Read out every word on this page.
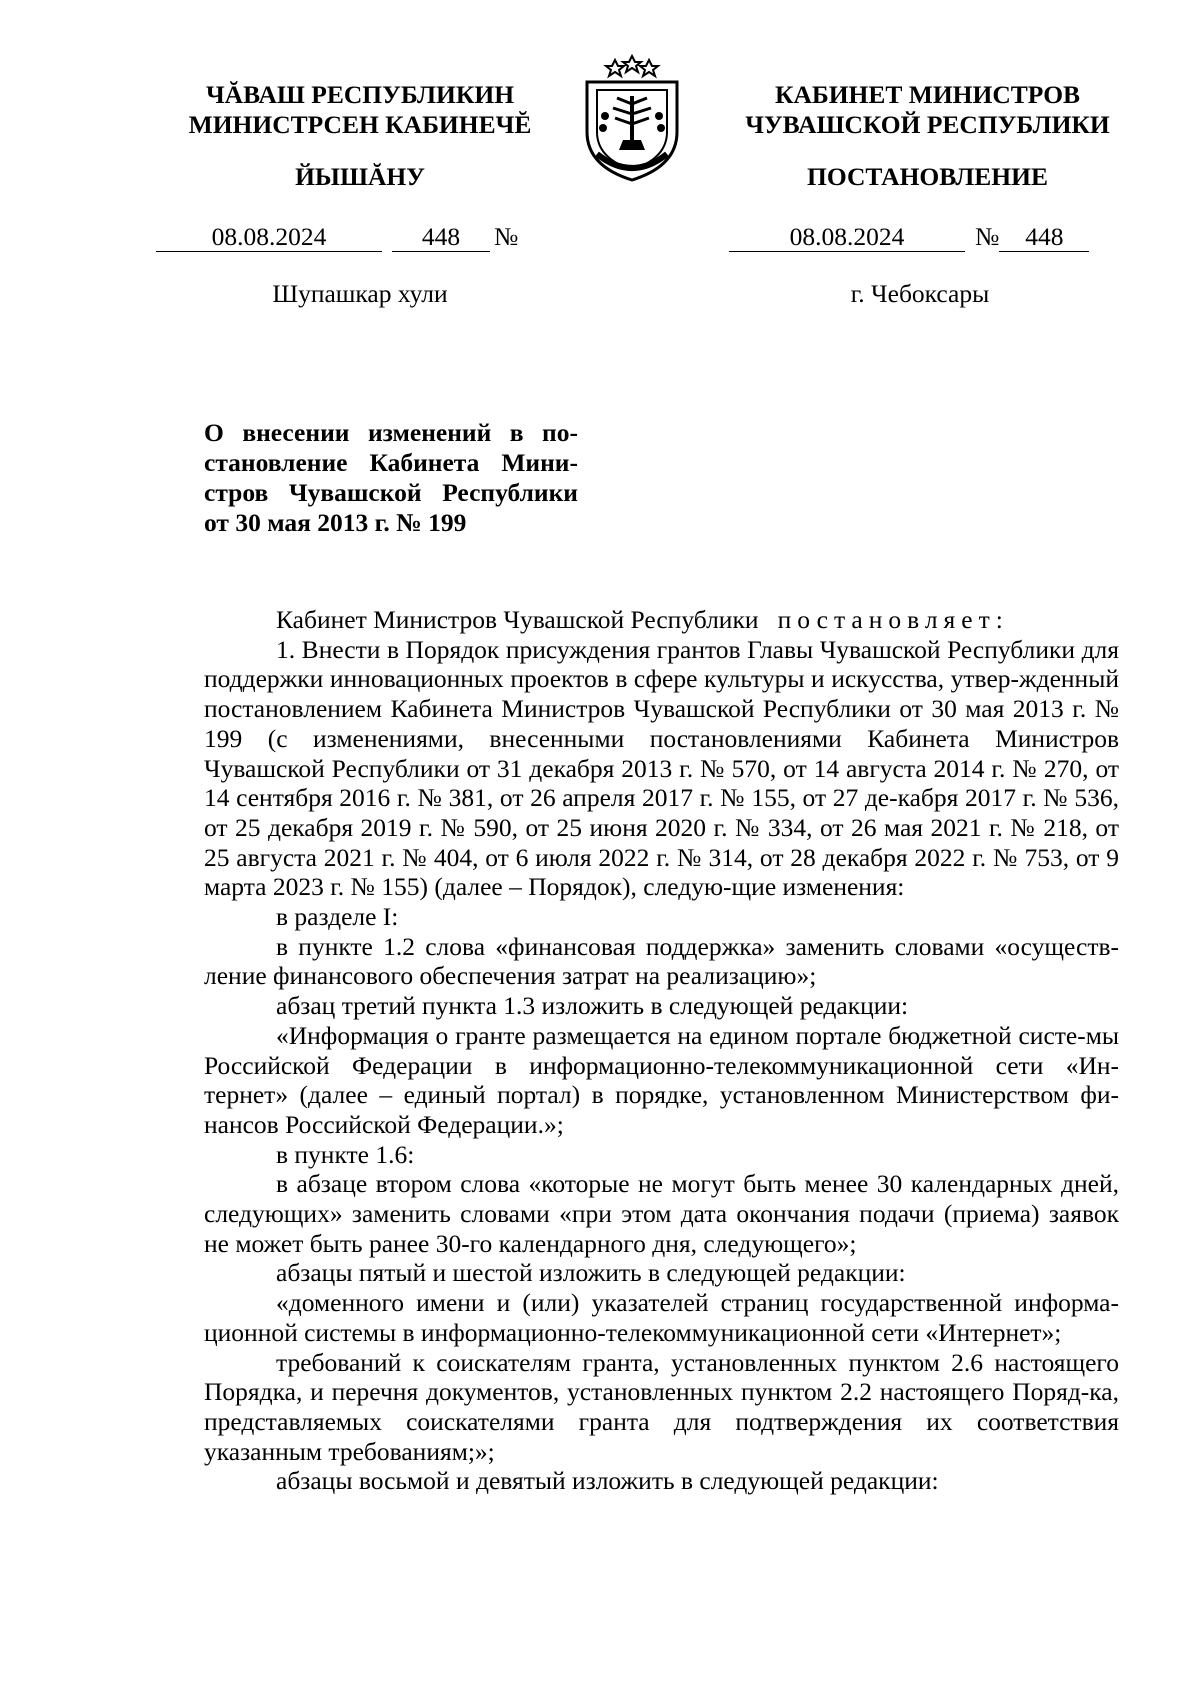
ЧĂВАШ РЕСПУБЛИКИН
МИНИСТРСЕН КАБИНЕЧĔ
ЙЫШĂНУ
КАБИНЕТ МИНИСТРОВ
ЧУВАШСКОЙ РЕСПУБЛИКИ
ПОСТАНОВЛЕНИЕ
08.08.2024	448 №	08.08.2024	№ 448
Шупашкар хули	г. Чебоксары
О внесении изменений в по-
становление Кабинета Мини-
стров Чувашской Республики
от 30 мая 2013 г. № 199

Кабинет Министров Чувашской Республики постановляет:

1. Внести в Порядок присуждения грантов Главы Чувашской Республики для поддержки инновационных проектов в сфере культуры и искусства, утвер-жденный постановлением Кабинета Министров Чувашской Республики от 30 мая 2013 г. № 199 (с изменениями, внесенными постановлениями Кабинета Министров Чувашской Республики от 31 декабря 2013 г. № 570, от 14 августа 2014 г. № 270, от 14 сентября 2016 г. № 381, от 26 апреля 2017 г. № 155, от 27 де-кабря 2017 г. № 536, от 25 декабря 2019 г. № 590, от 25 июня 2020 г. № 334, от 26 мая 2021 г. № 218, от 25 августа 2021 г. № 404, от 6 июля 2022 г. № 314, от 28 декабря 2022 г. № 753, от 9 марта 2023 г. № 155) (далее – Порядок), следую-щие изменения:

в разделе I:

в пункте 1.2 слова «финансовая поддержка» заменить словами «осуществ-ление финансового обеспечения затрат на реализацию»;

абзац третий пункта 1.3 изложить в следующей редакции:

«Информация о гранте размещается на едином портале бюджетной систе-мы Российской Федерации в информационно-телекоммуникационной сети «Ин-тернет» (далее – единый портал) в порядке, установленном Министерством фи-нансов Российской Федерации.»;

в пункте 1.6:

в абзаце втором слова «которые не могут быть менее 30 календарных дней, следующих» заменить словами «при этом дата окончания подачи (приема) заявок не может быть ранее 30-го календарного дня, следующего»;

абзацы пятый и шестой изложить в следующей редакции:

«доменного имени и (или) указателей страниц государственной информа-ционной системы в информационно-телекоммуникационной сети «Интернет»;

требований к соискателям гранта, установленных пунктом 2.6 настоящего Порядка, и перечня документов, установленных пунктом 2.2 настоящего Поряд-ка, представляемых соискателями гранта для подтверждения их соответствия указанным требованиям;»;

абзацы восьмой и девятый изложить в следующей редакции:
